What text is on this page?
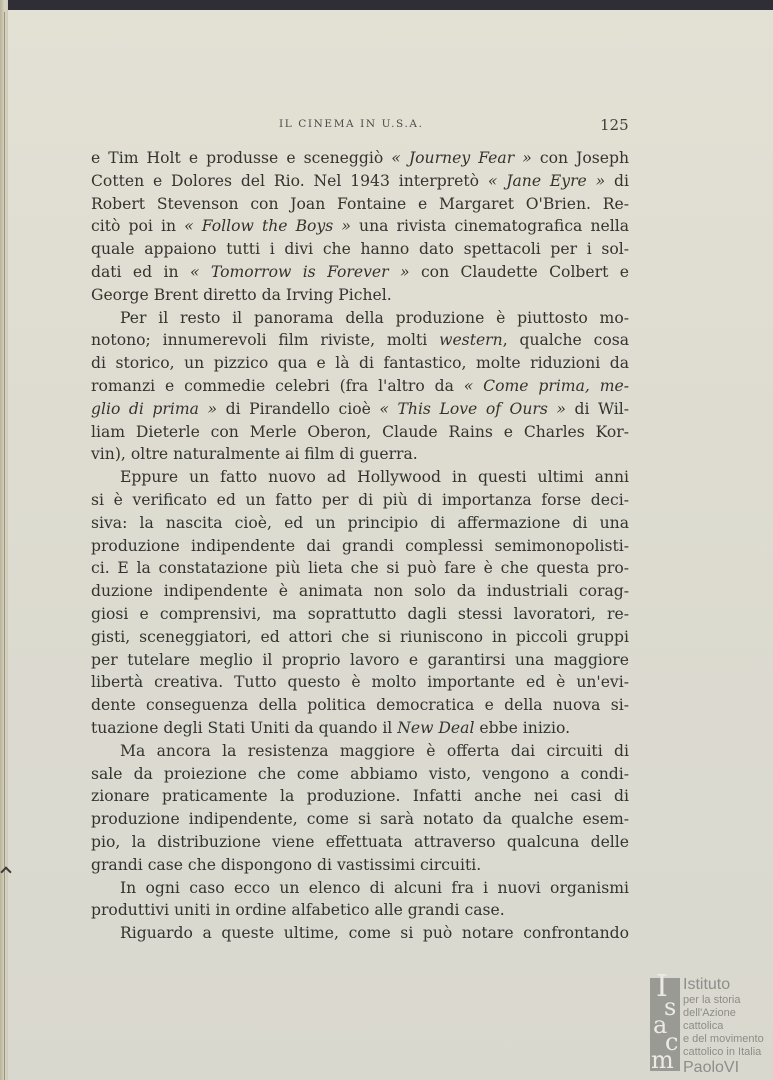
IL CINEMA IN U.S.A.	125

e Tim Holt e produsse e sceneggiò « Journey Fear » con Joseph
Cotten e Dolores del Rio. Nel 1943 interpretò « Jane Eyre » di
Robert Stevenson con Joan Fontaine e Margaret O'Brien. Re-
citò poi in « Follow the Boys » una rivista cinematografica nella
quale appaiono tutti i divi che hanno dato spettacoli per i sol-
dati ed in « Tomorrow is Forever » con Claudette Colbert e
George Brent diretto da Irving Pichel.

Per il resto il panorama della produzione è piuttosto mo-
notono; innumerevoli film riviste, molti western, qualche cosa
di storico, un pizzico qua e là di fantastico, molte riduzioni da
romanzi e commedie celebri (fra l'altro da « Come prima, me-
glio di prima » di Pirandello cioè « This Love of Ours » di Wil-
liam Dieterle con Merle Oberon, Claude Rains e Charles Kor-
vin), oltre naturalmente ai film di guerra.

Eppure un fatto nuovo ad Hollywood in questi ultimi anni
si è verificato ed un fatto per di più di importanza forse deci-
siva: la nascita cioè, ed un principio di affermazione di una
produzione indipendente dai grandi complessi semimonopolisti-
ci. E la constatazione più lieta che si può fare è che questa pro-
duzione indipendente è animata non solo da industriali corag-
giosi e comprensivi, ma soprattutto dagli stessi lavoratori, re-
gisti, sceneggiatori, ed attori che si riuniscono in piccoli gruppi
per tutelare meglio il proprio lavoro e garantirsi una maggiore
libertà creativa. Tutto questo è molto importante ed è un'evi-
dente conseguenza della politica democratica e della nuova si-
tuazione degli Stati Uniti da quando il New Deal ebbe inizio.

Ma ancora la resistenza maggiore è offerta dai circuiti di
sale da proiezione che come abbiamo visto, vengono a condi-
zionare praticamente la produzione. Infatti anche nei casi di
produzione indipendente, come si sarà notato da qualche esem-
pio, la distribuzione viene effettuata attraverso qualcuna delle
grandi case che dispongono di vastissimi circuiti.

In ogni caso ecco un elenco di alcuni fra i nuovi organismi
produttivi uniti in ordine alfabetico alle grandi case.

Riguardo a queste ultime, come si può notare confrontando

I
s
a
c
m
Istituto
per la storia
dell'Azione cattolica
e del movimento
cattolico in Italia
PaoloVI
